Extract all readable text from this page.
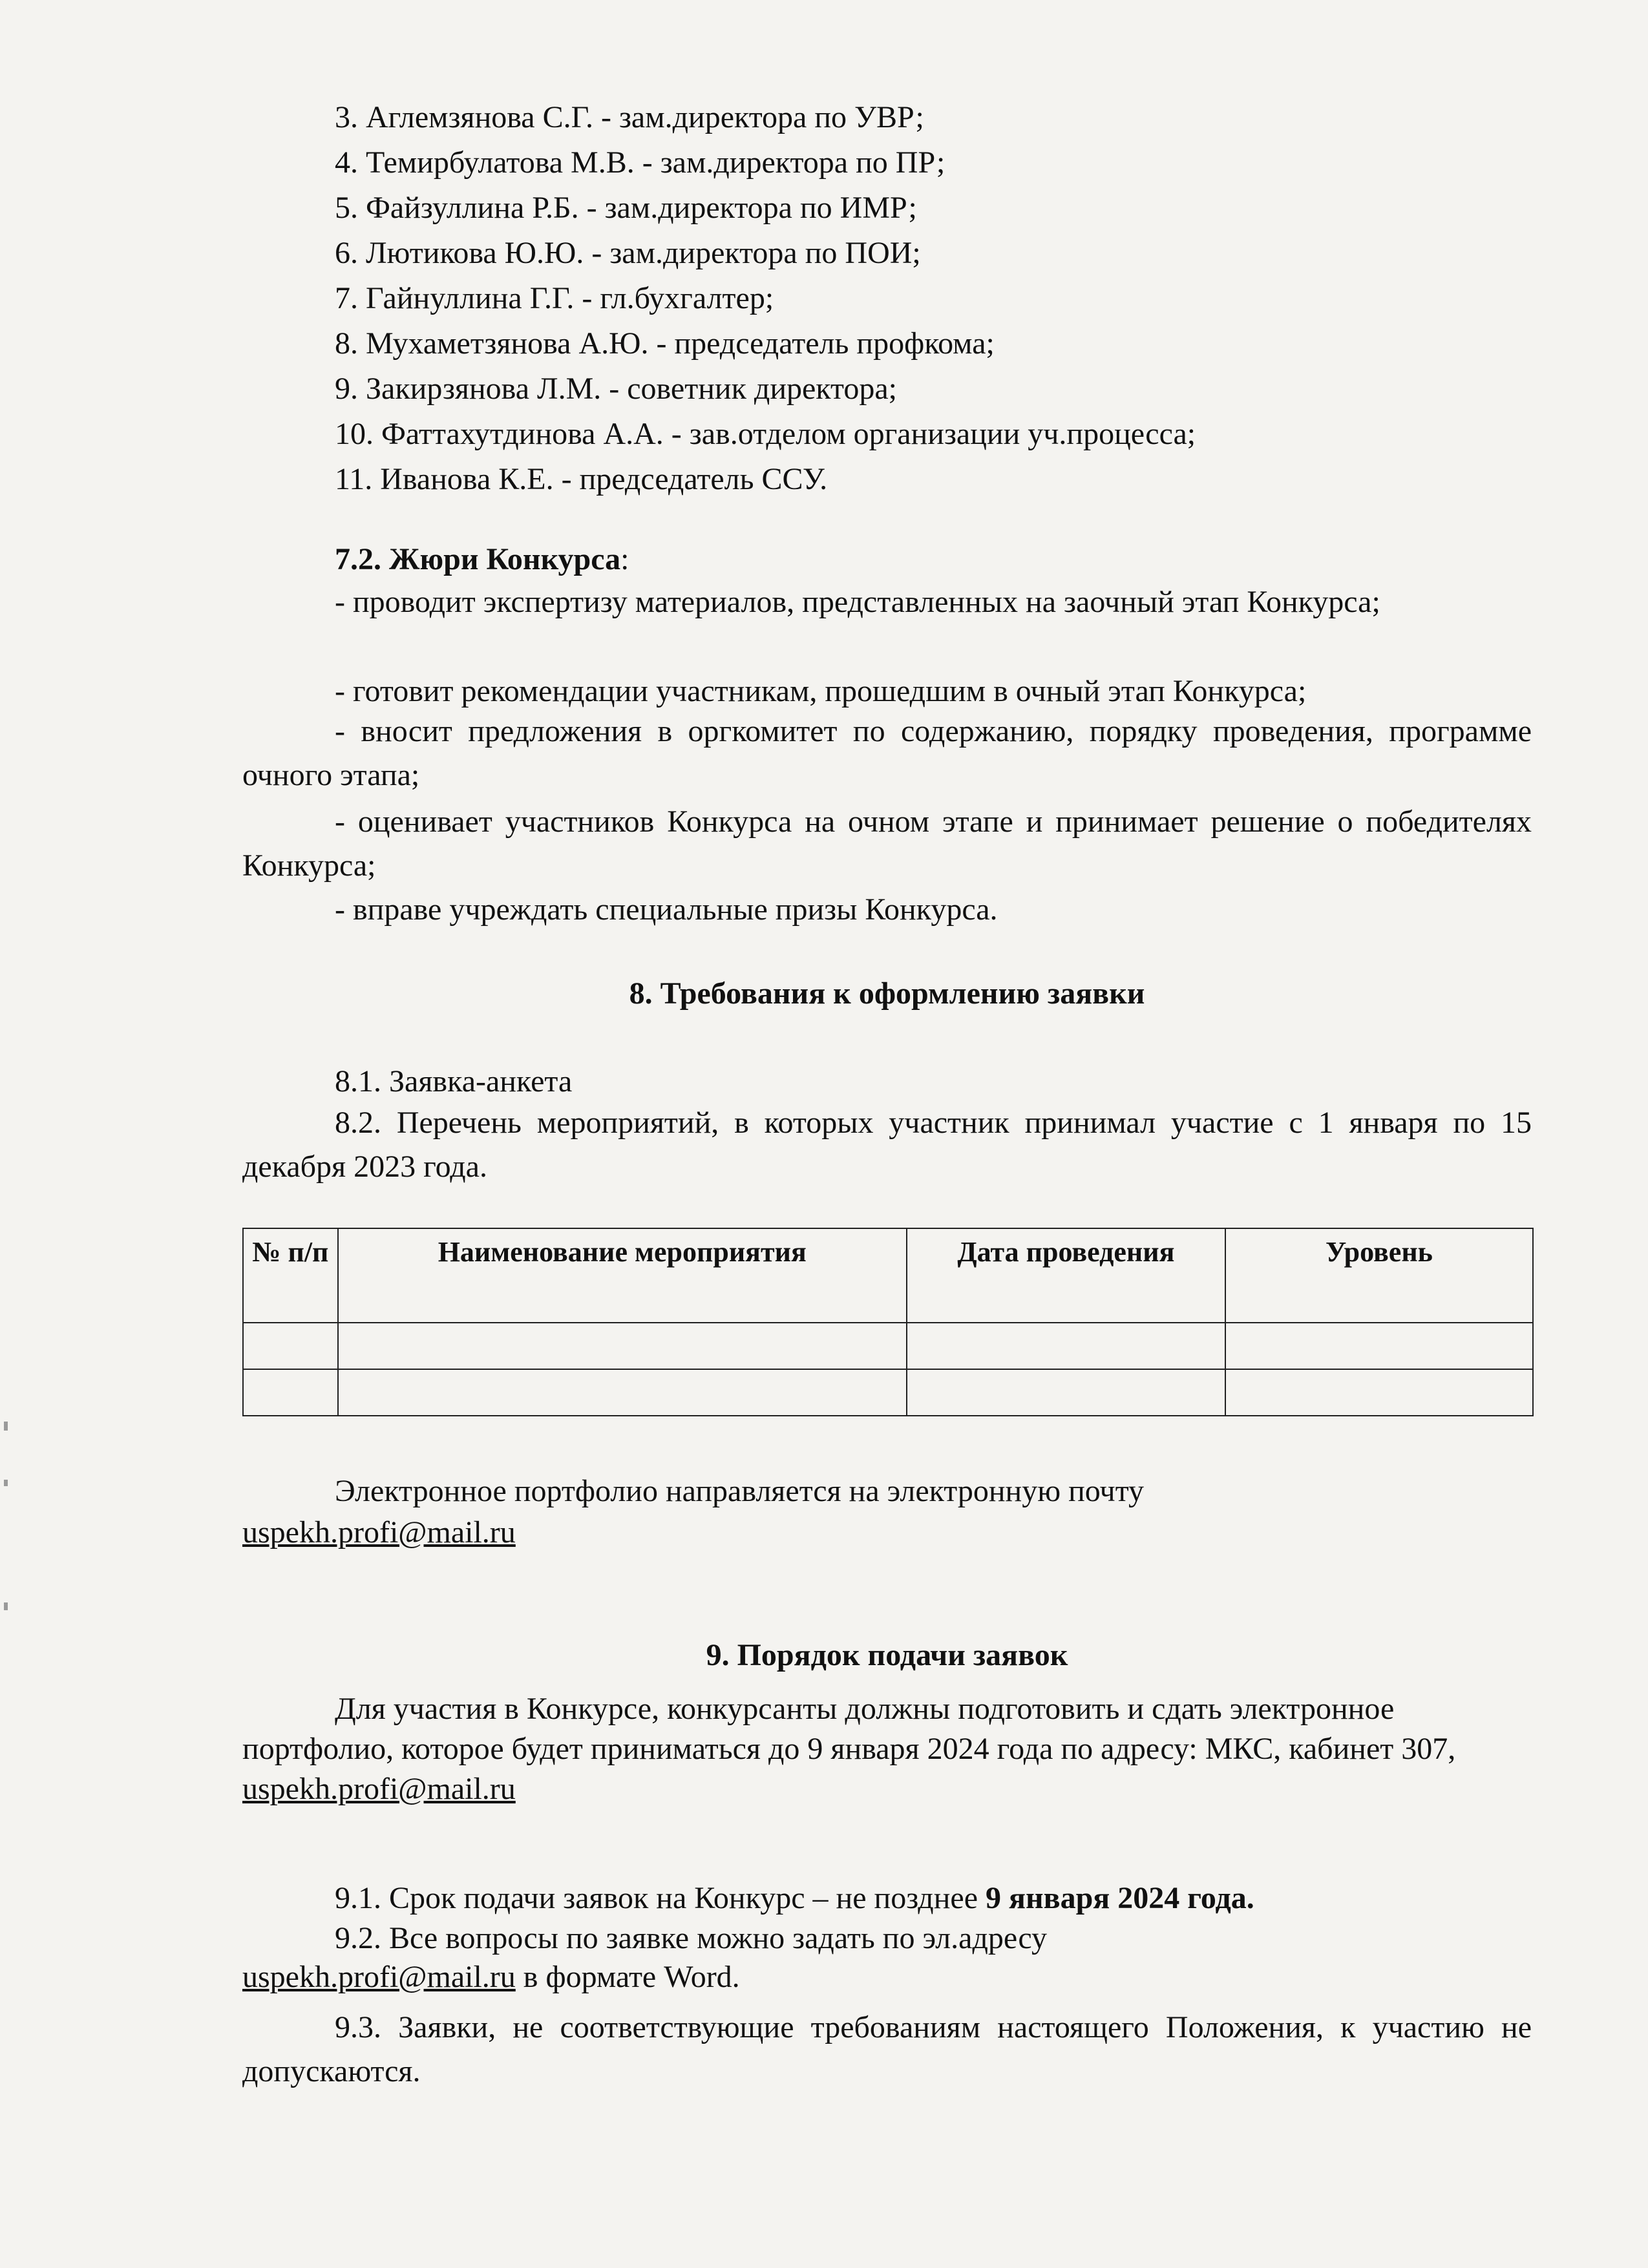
3. Аглемзянова С.Г. - зам.директора по УВР;
4. Темирбулатова М.В. - зам.директора по ПР;
5. Файзуллина Р.Б. - зам.директора по ИМР;
6. Лютикова Ю.Ю. - зам.директора по ПОИ;
7. Гайнуллина Г.Г. - гл.бухгалтер;
8. Мухаметзянова А.Ю. - председатель профкома;
9. Закирзянова Л.М. - советник директора;
10. Фаттахутдинова А.А. - зав.отделом организации уч.процесса;
11. Иванова К.Е. - председатель ССУ.
7.2. Жюри Конкурса:
- проводит экспертизу материалов, представленных на заочный этап Конкурса;
- готовит рекомендации участникам, прошедшим в очный этап Конкурса;
- вносит предложения в оргкомитет по содержанию, порядку проведения, программе очного этапа;
- оценивает участников Конкурса на очном этапе и принимает решение о победителях Конкурса;
- вправе учреждать специальные призы Конкурса.
8. Требования к оформлению заявки
8.1. Заявка-анкета
8.2. Перечень мероприятий, в которых участник принимал участие с 1 января по 15 декабря 2023 года.
№ п/п	Наименование мероприятия	Дата проведения	Уровень

Электронное портфолио направляется на электронную почту
uspekh.profi@mail.ru
9. Порядок подачи заявок
Для участия в Конкурсе, конкурсанты должны подготовить и сдать электронное портфолио, которое будет приниматься до 9 января 2024 года по адресу: МКС, кабинет 307, uspekh.profi@mail.ru
9.1. Срок подачи заявок на Конкурс – не позднее 9 января 2024 года.
9.2. Все вопросы по заявке можно задать по эл.адресу
uspekh.profi@mail.ru в формате Word.
9.3. Заявки, не соответствующие требованиям настоящего Положения, к участию не допускаются.
